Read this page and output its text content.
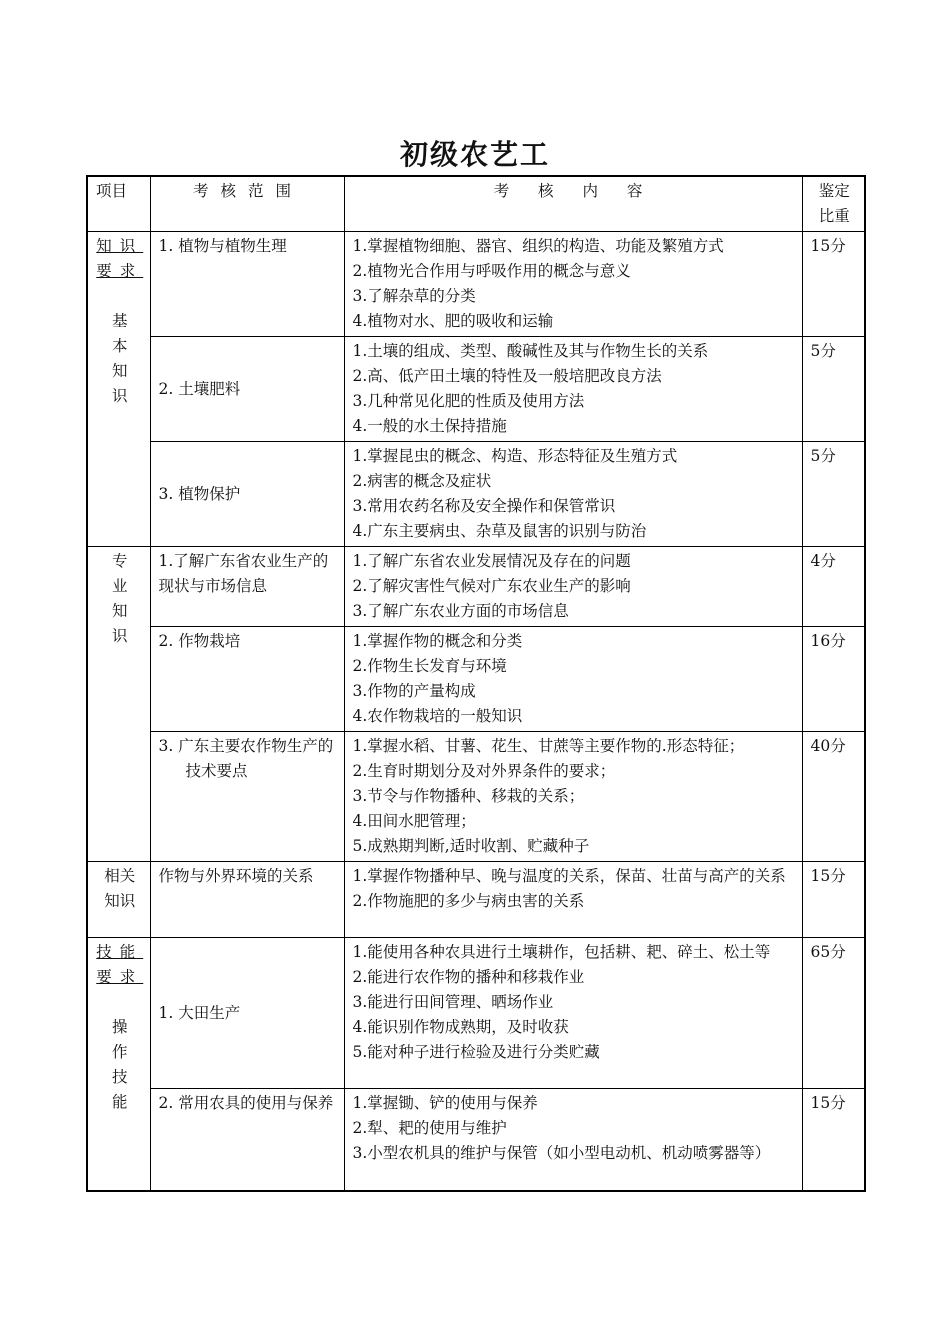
初级农艺工
项目	考核范围	考 核 内 容	鉴定
比重

知识要求
基
本
知
识	1. 植物与植物生理	1.掌握植物细胞、器官、组织的构造、功能及繁殖方式
2.植物光合作用与呼吸作用的概念与意义
3.了解杂草的分类
4.植物对水、肥的吸收和运输	15分
	2. 土壤肥料	1.土壤的组成、类型、酸碱性及其与作物生长的关系
2.高、低产田土壤的特性及一般培肥改良方法
3.几种常见化肥的性质及使用方法
4.一般的水土保持措施	5分
	3. 植物保护	1.掌握昆虫的概念、构造、形态特征及生殖方式
2.病害的概念及症状
3.常用农药名称及安全操作和保管常识
4.广东主要病虫、杂草及鼠害的识别与防治	5分

专
业
知
识	1.了解广东省农业生产的现状与市场信息	1.了解广东省农业发展情况及存在的问题
2.了解灾害性气候对广东农业生产的影响
3.了解广东农业方面的市场信息	4分
	2. 作物栽培	1.掌握作物的概念和分类
2.作物生长发育与环境
3.作物的产量构成
4.农作物栽培的一般知识	16分

	3. 广东主要农作物生产的技术要点	1.掌握水稻、甘薯、花生、甘蔗等主要作物的.形态特征；
2.生育时期划分及对外界条件的要求；
3.节令与作物播种、移栽的关系；
4.田间水肥管理；
5.成熟期判断,适时收割、贮藏种子	40分

相关
知识	作物与外界环境的关系	1.掌握作物播种早、晚与温度的关系，保苗、壮苗与高产的关系
2.作物施肥的多少与病虫害的关系	15分
技能要求
操
作
技
能	1. 大田生产	1.能使用各种农具进行土壤耕作，包括耕、耙、碎土、松土等
2.能进行农作物的播种和移栽作业
3.能进行田间管理、晒场作业
4.能识别作物成熟期，及时收获
5.能对种子进行检验及进行分类贮藏	65分
	2. 常用农具的使用与保养	1.掌握锄、铲的使用与保养
2.犁、耙的使用与维护
3.小型农机具的维护与保管（如小型电动机、机动喷雾器等）	15分
